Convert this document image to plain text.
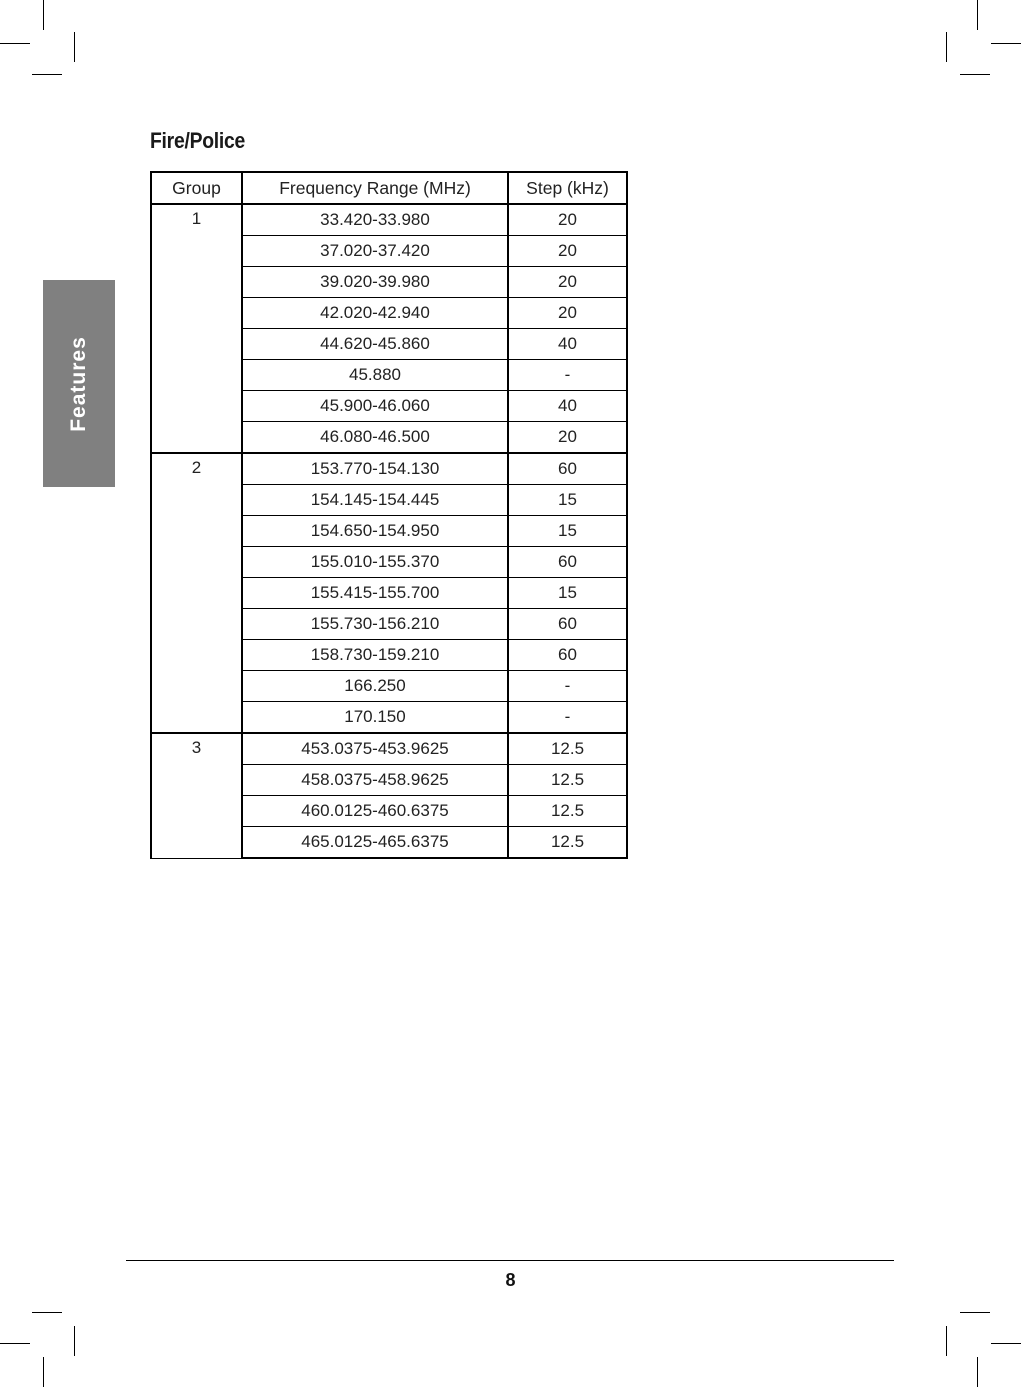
Features
Fire/Police
Group	Frequency Range (MHz)	Step (kHz)
1	33.420-33.980	20
	37.020-37.420	20
	39.020-39.980	20
	42.020-42.940	20
	44.620-45.860	40
	45.880	-
	45.900-46.060	40
	46.080-46.500	20
2	153.770-154.130	60
	154.145-154.445	15
	154.650-154.950	15
	155.010-155.370	60
	155.415-155.700	15
	155.730-156.210	60
	158.730-159.210	60
	166.250	-
	170.150	-
3	453.0375-453.9625	12.5
	458.0375-458.9625	12.5
	460.0125-460.6375	12.5
	465.0125-465.6375	12.5
8
